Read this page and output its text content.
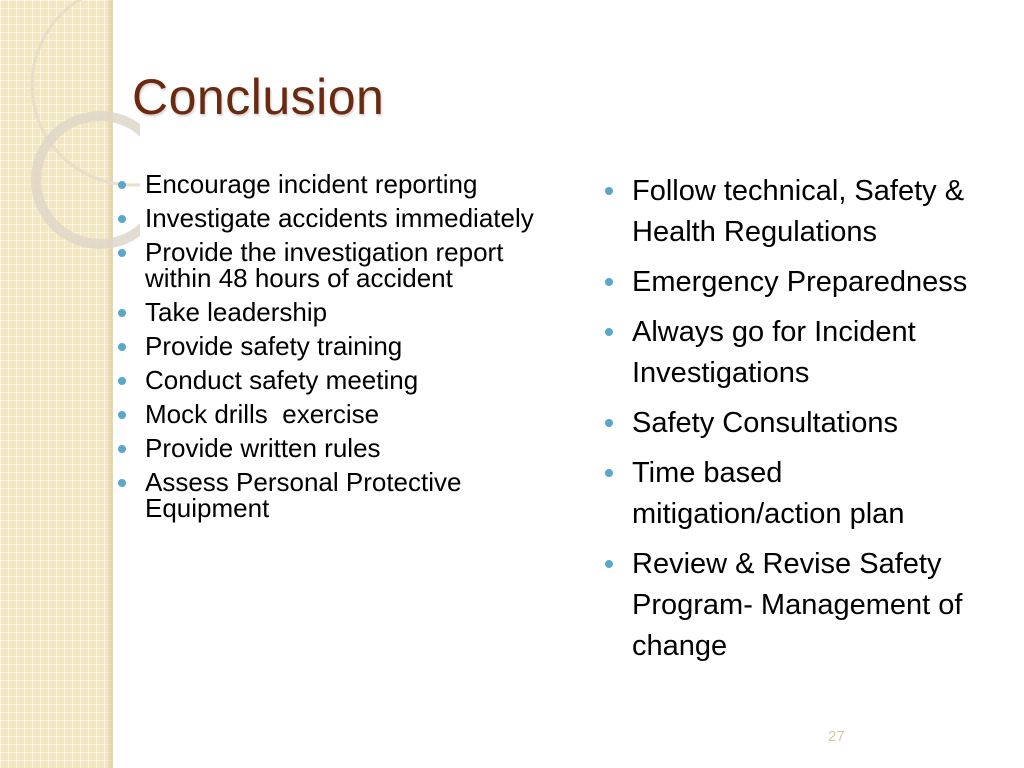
Conclusion
Encourage incident reporting
Investigate accidents immediately
Provide the investigation report within 48 hours of accident
Take leadership
Provide safety training
Conduct safety meeting
Mock drills  exercise
Provide written rules
Assess Personal Protective Equipment
Follow technical, Safety & Health Regulations
Emergency Preparedness
Always go for Incident Investigations
Safety Consultations
Time based mitigation/action plan
Review & Revise Safety Program- Management of change
27
